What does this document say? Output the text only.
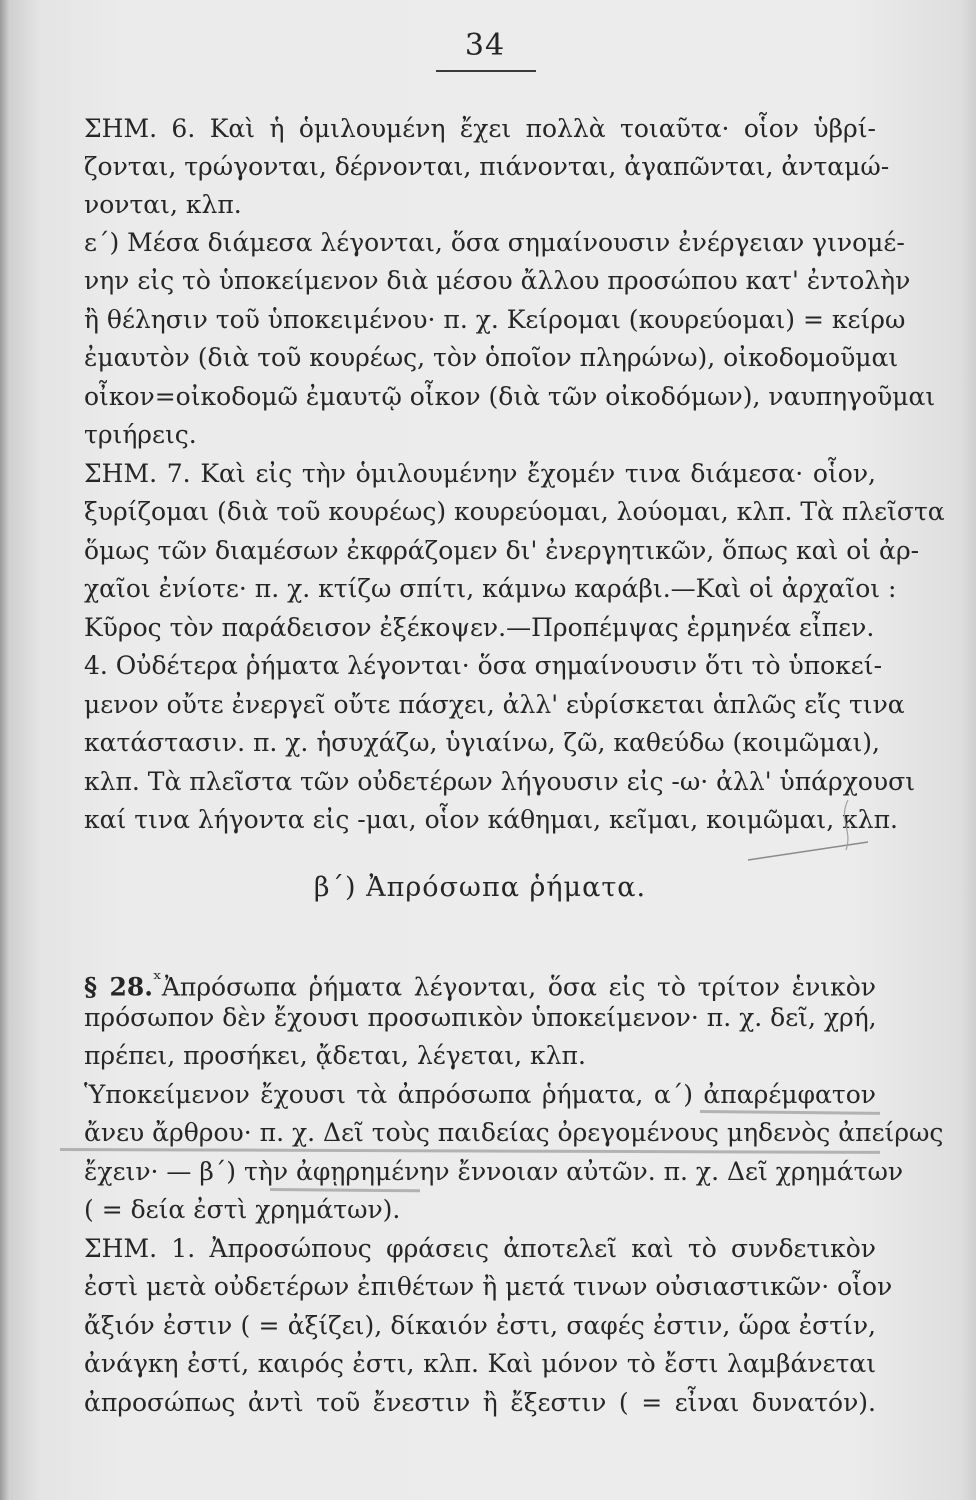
34
ΣΗΜ. 6. Καὶ ἡ ὁμιλουμένη ἔχει πολλὰ τοιαῦτα· οἷον ὑβρί-
ζονται, τρώγονται, δέρνονται, πιάνονται, ἀγαπῶνται, ἀνταμώ-
νονται, κλπ.
ε΄) Μέσα διάμεσα λέγονται, ὅσα σημαίνουσιν ἐνέργειαν γινομέ-
νην εἰς τὸ ὑποκείμενον διὰ μέσου ἄλλου προσώπου κατ' ἐντολὴν
ἢ θέλησιν τοῦ ὑποκειμένου· π. χ. Κείρομαι (κουρεύομαι) = κείρω
ἐμαυτὸν (διὰ τοῦ κουρέως, τὸν ὁποῖον πληρώνω), οἰκοδομοῦμαι
οἶκον=οἰκοδομῶ ἐμαυτῷ οἶκον (διὰ τῶν οἰκοδόμων), ναυπηγοῦμαι
τριήρεις.
ΣΗΜ. 7. Καὶ εἰς τὴν ὁμιλουμένην ἔχομέν τινα διάμεσα· οἷον,
ξυρίζομαι (διὰ τοῦ κουρέως) κουρεύομαι, λούομαι, κλπ. Τὰ πλεῖστα
ὅμως τῶν διαμέσων ἐκφράζομεν δι' ἐνεργητικῶν, ὅπως καὶ οἱ ἀρ-
χαῖοι ἐνίοτε· π. χ. κτίζω σπίτι, κάμνω καράβι.—Καὶ οἱ ἀρχαῖοι :
Κῦρος τὸν παράδεισον ἐξέκοψεν.—Προπέμψας ἑρμηνέα εἶπεν.
4. Οὐδέτερα ῥήματα λέγονται· ὅσα σημαίνουσιν ὅτι τὸ ὑποκεί-
μενον οὔτε ἐνεργεῖ οὔτε πάσχει, ἀλλ' εὑρίσκεται ἁπλῶς εἴς τινα
κατάστασιν. π. χ. ἡσυχάζω, ὑγιαίνω, ζῶ, καθεύδω (κοιμῶμαι),
κλπ. Τὰ πλεῖστα τῶν οὐδετέρων λήγουσιν εἰς -ω· ἀλλ' ὑπάρχουσι
καί τινα λήγοντα εἰς -μαι, οἷον κάθημαι, κεῖμαι, κοιμῶμαι, κλπ.
β΄) Ἀπρόσωπα ῥήματα.
§ 28.$^ˣ$Ἀπρόσωπα ῥήματα λέγονται, ὅσα εἰς τὸ τρίτον ἑνικὸν
πρόσωπον δὲν ἔχουσι προσωπικὸν ὑποκείμενον· π. χ. δεῖ, χρή,
πρέπει, προσήκει, ᾄδεται, λέγεται, κλπ.
Ὑποκείμενον ἔχουσι τὰ ἀπρόσωπα ῥήματα, α΄) ἀπαρέμφατον
ἄνευ ἄρθρου· π. χ. Δεῖ τοὺς παιδείας ὀρεγομένους μηδενὸς ἀπείρως
ἔχειν· — β΄) τὴν ἀφῃρημένην ἔννοιαν αὐτῶν. π. χ. Δεῖ χρημάτων
( = δεία ἐστὶ χρημάτων).
ΣΗΜ. 1. Ἀπροσώπους φράσεις ἀποτελεῖ καὶ τὸ συνδετικὸν
ἐστὶ μετὰ οὐδετέρων ἐπιθέτων ἢ μετά τινων οὐσιαστικῶν· οἷον
ἄξιόν ἐστιν ( = ἀξίζει), δίκαιόν ἐστι, σαφές ἐστιν, ὥρα ἐστίν,
ἀνάγκη ἐστί, καιρός ἐστι, κλπ. Καὶ μόνον τὸ ἔστι λαμβάνεται
ἀπροσώπως ἀντὶ τοῦ ἔνεστιν ἢ ἔξεστιν ( = εἶναι δυνατόν).
